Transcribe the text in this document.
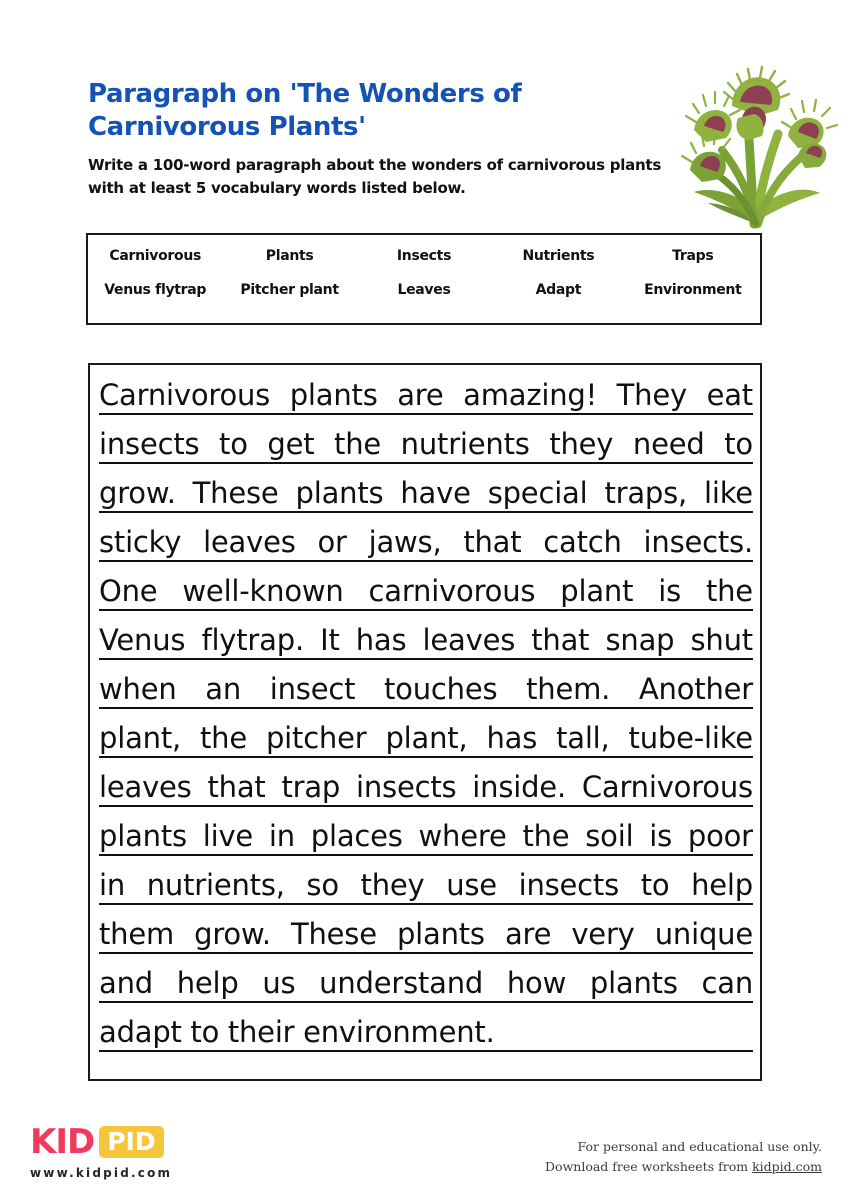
Paragraph on 'The Wonders of Carnivorous Plants'

Write a 100-word paragraph about the wonders of carnivorous plants with at least 5 vocabulary words listed below.

Carnivorous	Plants	Insects	Nutrients	Traps
Venus flytrap	Pitcher plant	Leaves	Adapt	Environment
Carnivorous plants are amazing! They eat
insects to get the nutrients they need to
grow. These plants have special traps, like
sticky leaves or jaws, that catch insects.
One well-known carnivorous plant is the
Venus flytrap. It has leaves that snap shut
when an insect touches them. Another
plant, the pitcher plant, has tall, tube-like
leaves that trap insects inside. Carnivorous
plants live in places where the soil is poor
in nutrients, so they use insects to help
them grow. These plants are very unique
and help us understand how plants can
adapt to their environment.
KID PID
www.kidpid.com
For personal and educational use only.
Download free worksheets from kidpid.com
